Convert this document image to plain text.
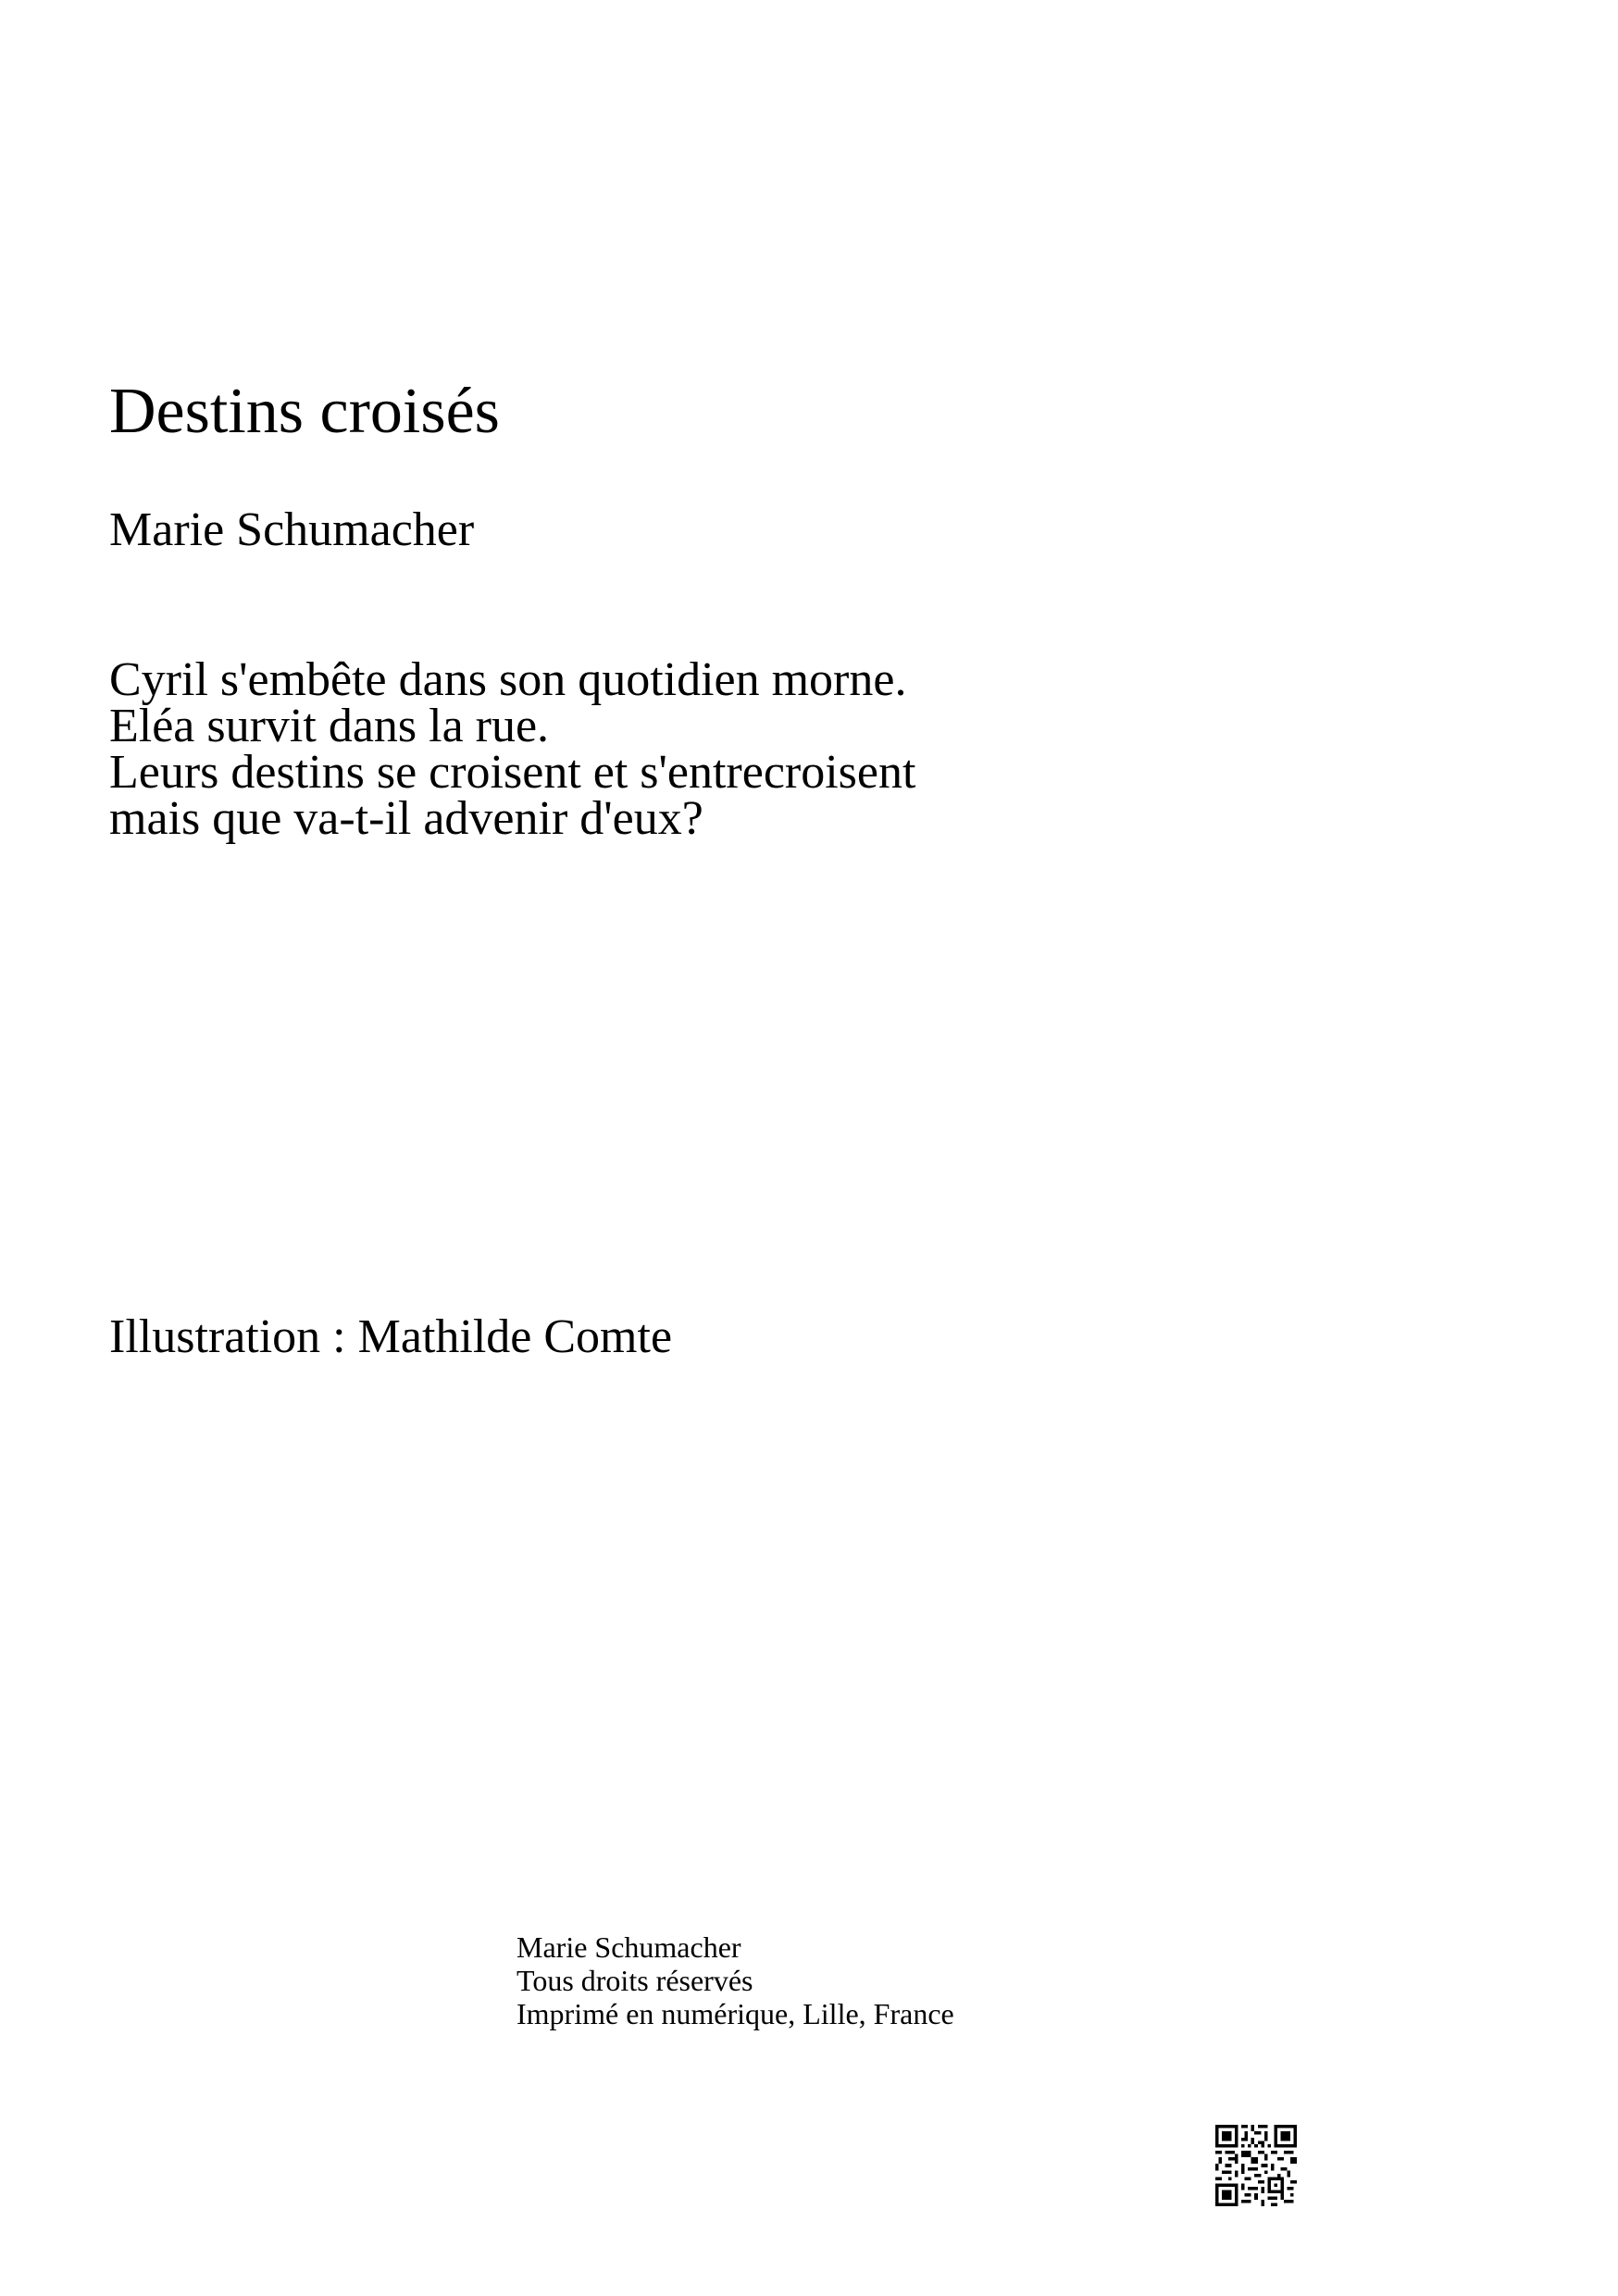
Destins croisés
Marie Schumacher
Cyril s'embête dans son quotidien morne.
Eléa survit dans la rue.
Leurs destins se croisent et s'entrecroisent
mais que va-t-il advenir d'eux?
Illustration : Mathilde Comte
Marie Schumacher
Tous droits réservés
Imprimé en numérique, Lille, France
